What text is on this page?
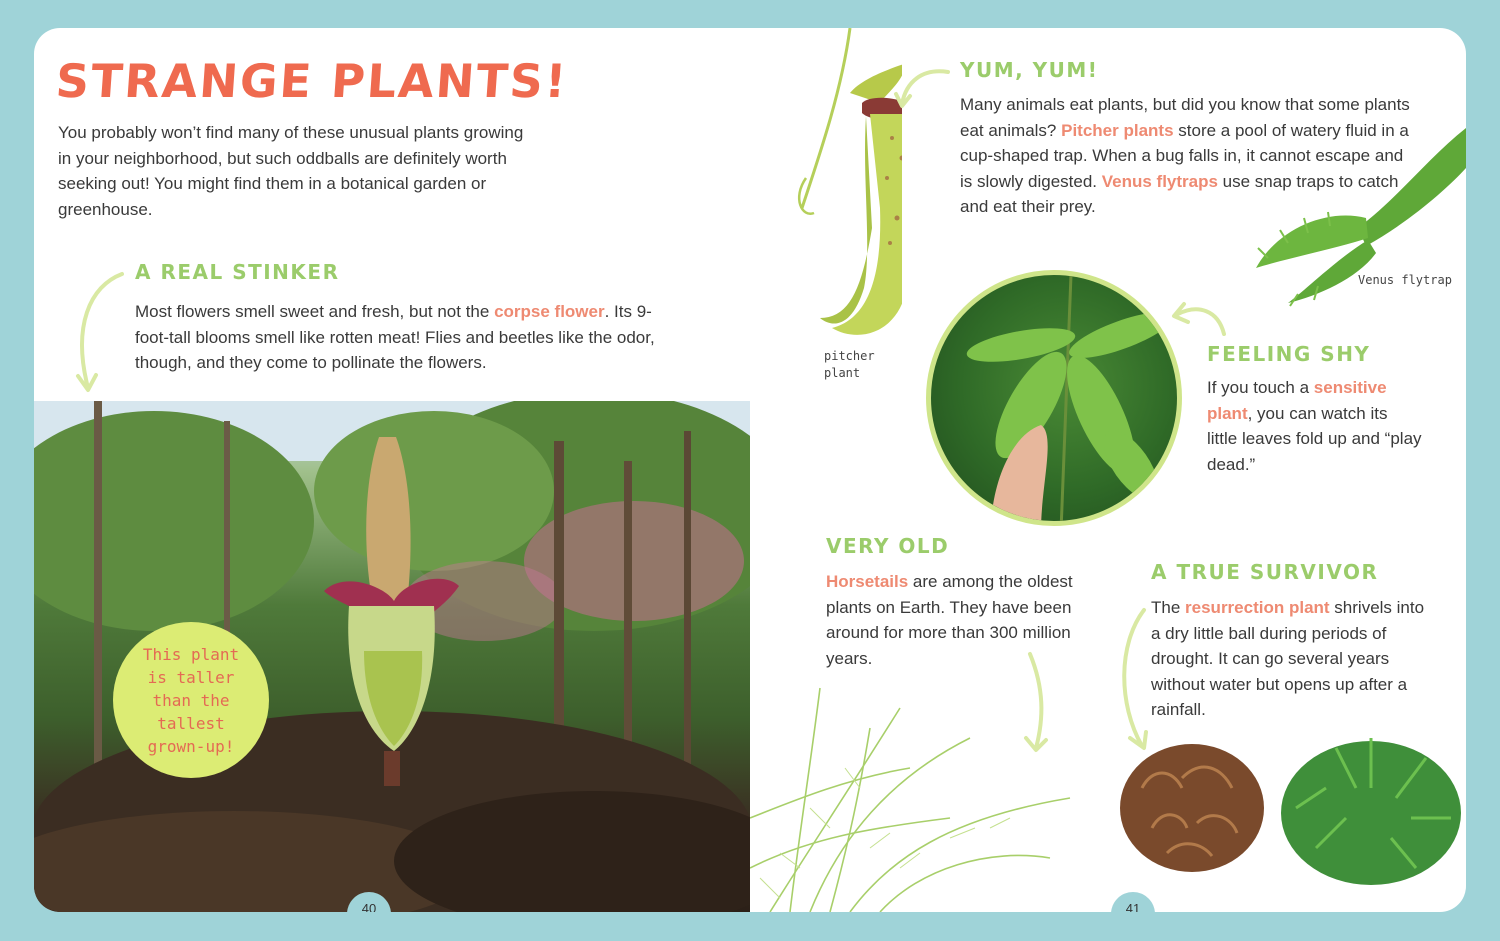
STRANGE PLANTS!

You probably won’t find many of these unusual plants growing in your neighborhood, but such oddballs are definitely worth seeking out! You might find them in a botanical garden or greenhouse.

A REAL STINKER

Most flowers smell sweet and fresh, but not the corpse flower. Its 9-foot-tall blooms smell like rotten meat! Flies and beetles like the odor, though, and they come to pollinate the flowers.

This plant is taller than the tallest grown-up!
40
pitcher plant
YUM, YUM!

Many animals eat plants, but did you know that some plants eat animals? Pitcher plants store a pool of watery fluid in a cup-shaped trap. When a bug falls in, it cannot escape and is slowly digested. Venus flytraps use snap traps to catch and eat their prey.

Venus flytrap
FEELING SHY

If you touch a sensitive plant, you can watch its little leaves fold up and “play dead.”

VERY OLD

Horsetails are among the oldest plants on Earth. They have been around for more than 300 million years.

A TRUE SURVIVOR

The resurrection plant shrivels into a dry little ball during periods of drought. It can go several years without water but opens up after a rainfall.

41
